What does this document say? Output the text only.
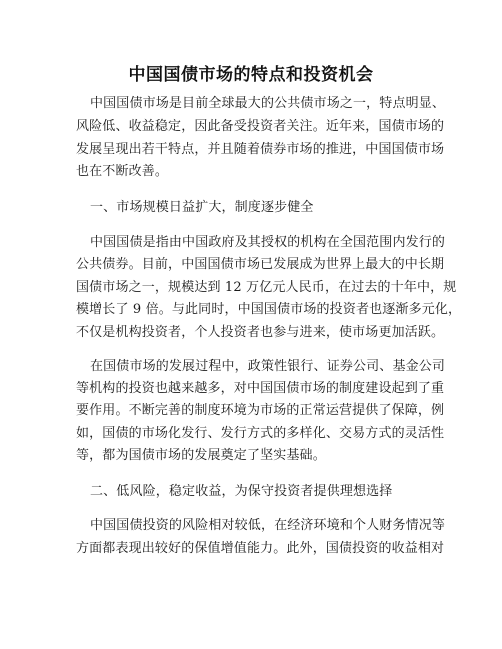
中国国债市场的特点和投资机会
中国国债市场是目前全球最大的公共债市场之一，特点明显、
风险低、收益稳定，因此备受投资者关注。近年来，国债市场的
发展呈现出若干特点，并且随着债券市场的推进，中国国债市场
也在不断改善。
一、市场规模日益扩大，制度逐步健全
中国国债是指由中国政府及其授权的机构在全国范围内发行的
公共债券。目前，中国国债市场已发展成为世界上最大的中长期
国债市场之一，规模达到 12 万亿元人民币，在过去的十年中，规
模增长了 9 倍。与此同时，中国国债市场的投资者也逐渐多元化，
不仅是机构投资者，个人投资者也参与进来，使市场更加活跃。
在国债市场的发展过程中，政策性银行、证券公司、基金公司
等机构的投资也越来越多，对中国国债市场的制度建设起到了重
要作用。不断完善的制度环境为市场的正常运营提供了保障，例
如，国债的市场化发行、发行方式的多样化、交易方式的灵活性
等，都为国债市场的发展奠定了坚实基础。
二、低风险，稳定收益，为保守投资者提供理想选择
中国国债投资的风险相对较低，在经济环境和个人财务情况等
方面都表现出较好的保值增值能力。此外，国债投资的收益相对
